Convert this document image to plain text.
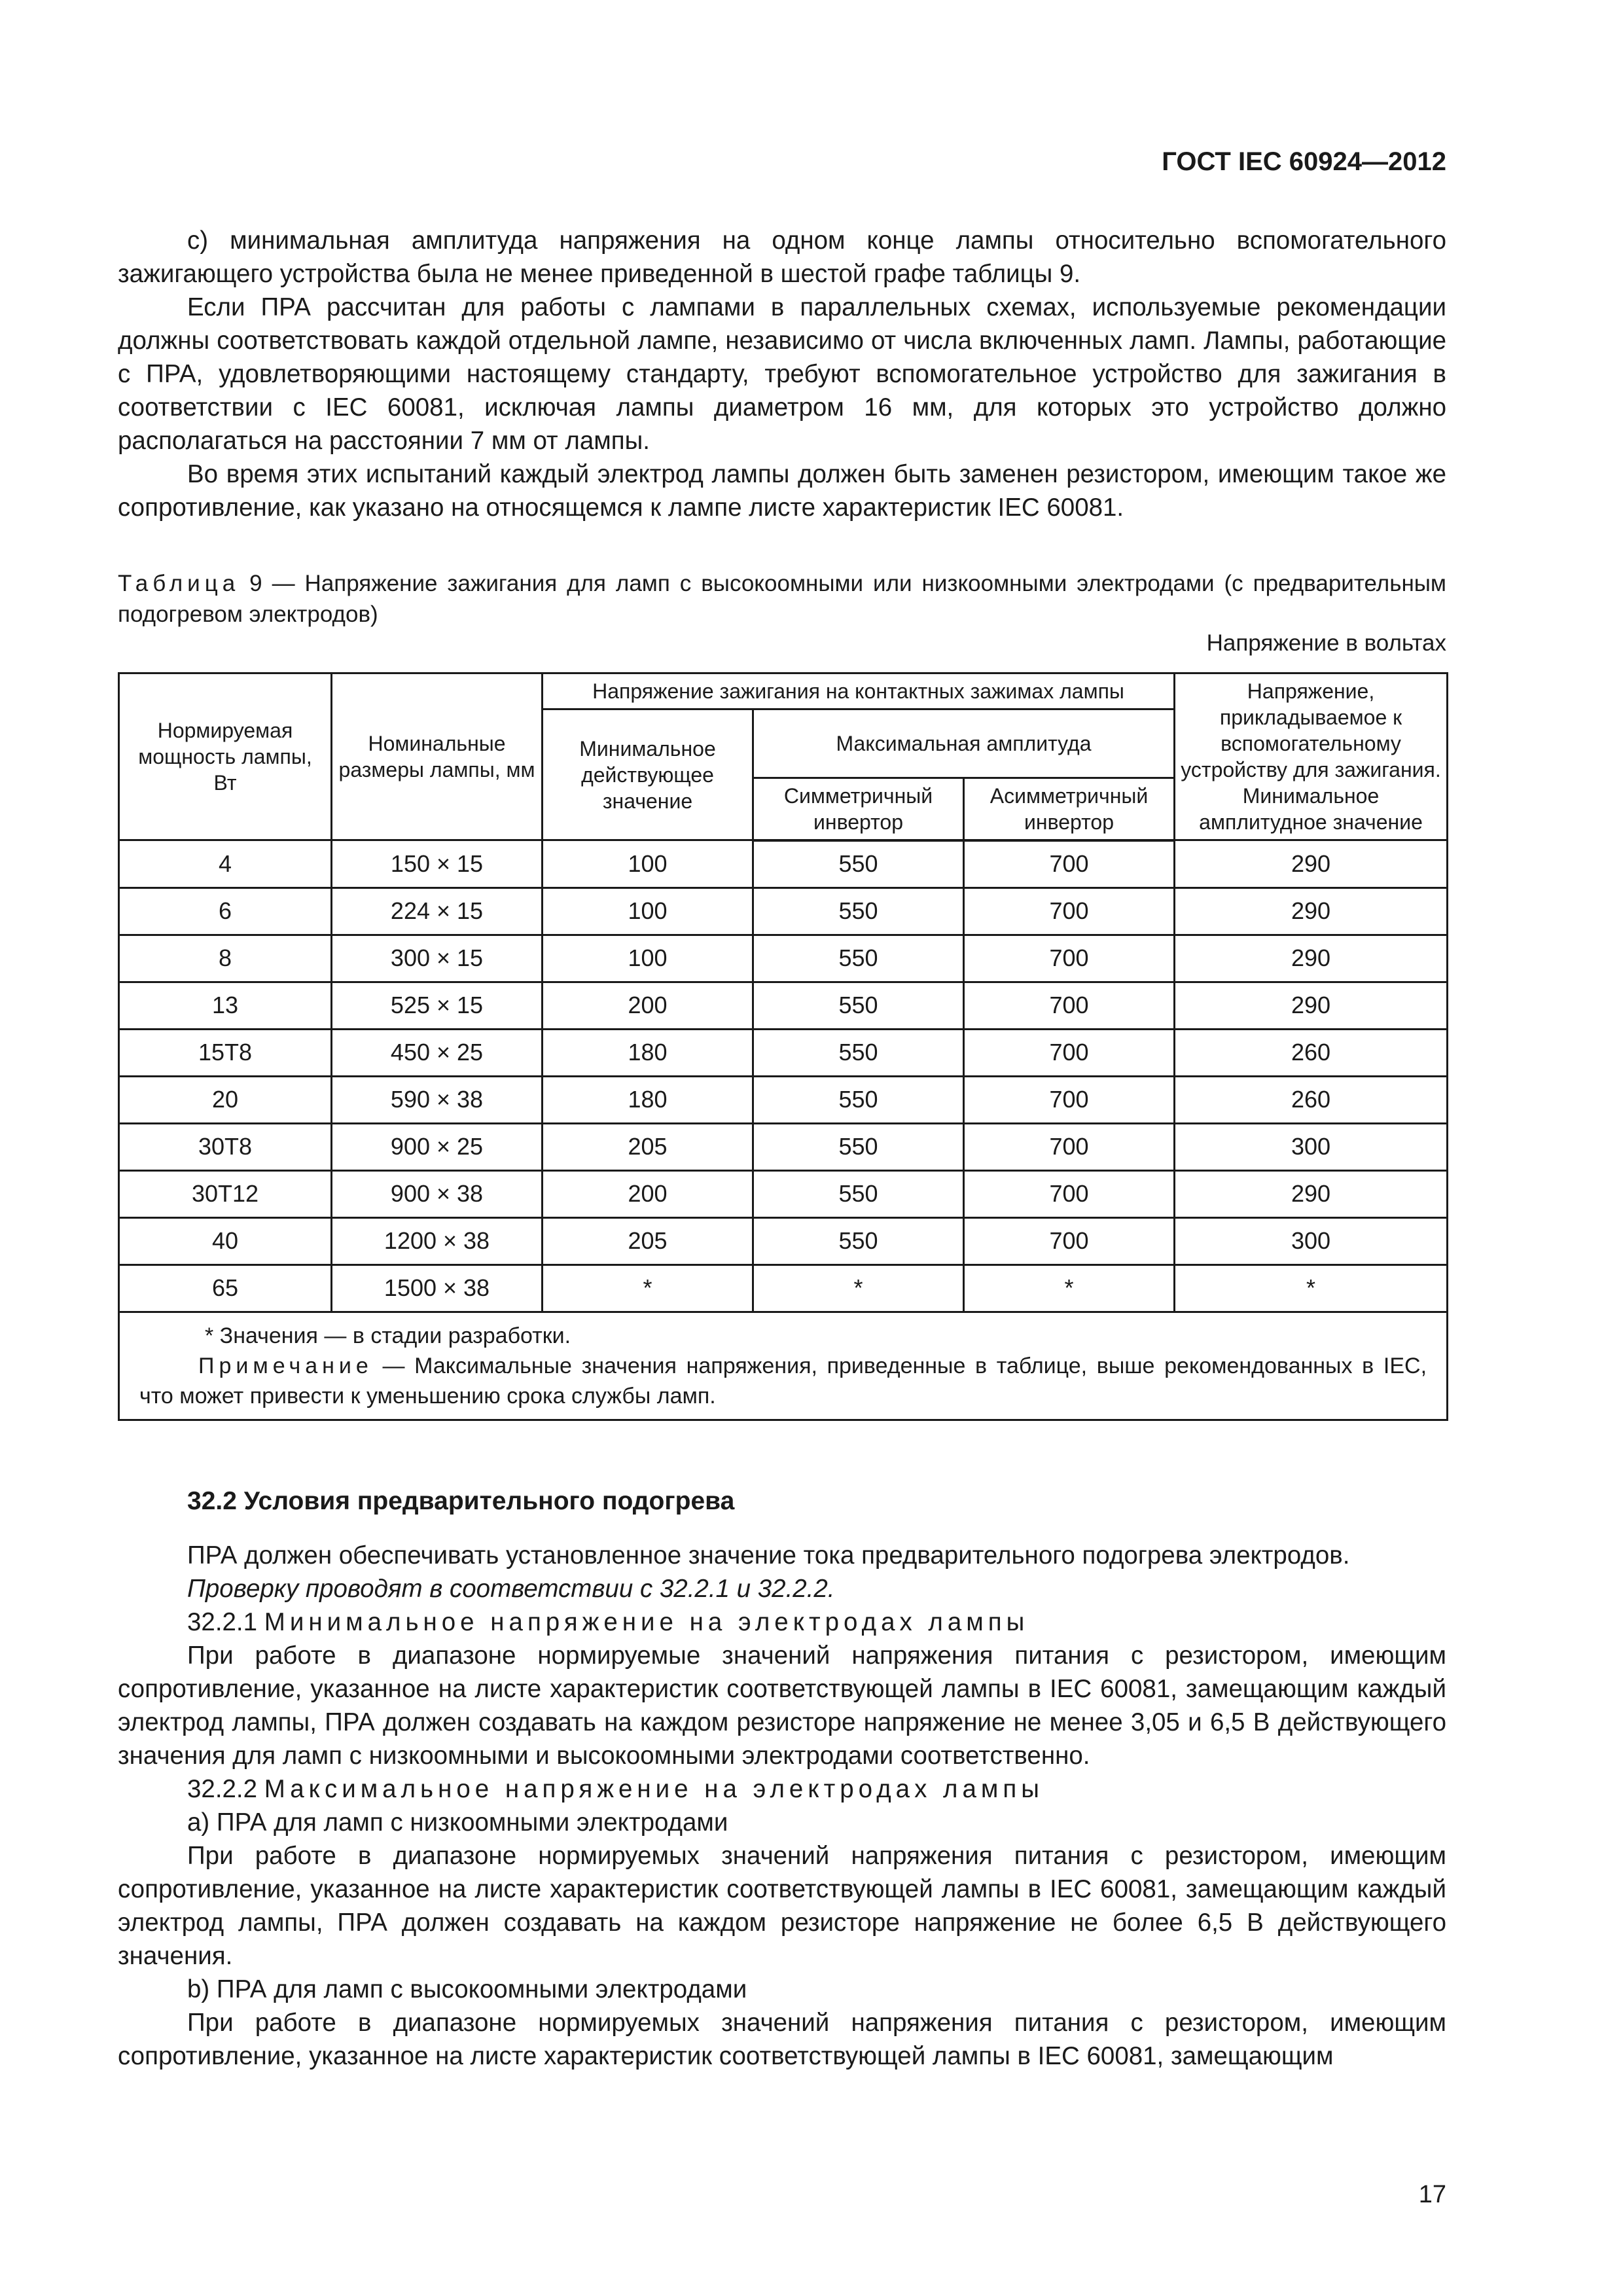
ГОСТ IEC 60924—2012

c) минимальная амплитуда напряжения на одном конце лампы относительно вспомогательного зажигающего устройства была не менее приведенной в шестой графе таблицы 9.

Если ПРА рассчитан для работы с лампами в параллельных схемах, используемые рекомендации должны соответствовать каждой отдельной лампе, независимо от числа включенных ламп. Лампы, работающие с ПРА, удовлетворяющими настоящему стандарту, требуют вспомогательное устройство для зажигания в соответствии с IEC 60081, исключая лампы диаметром 16 мм, для которых это устройство должно располагаться на расстоянии 7 мм от лампы.

Во время этих испытаний каждый электрод лампы должен быть заменен резистором, имеющим такое же сопротивление, как указано на относящемся к лампе листе характеристик IEC 60081.

Таблица 9 — Напряжение зажигания для ламп с высокоомными или низкоомными электродами (с предварительным подогревом электродов)
Напряжение в вольтах
Нормируемая мощность лампы, Вт	Номинальные размеры лампы, мм	Напряжение зажигания на контактных зажимах лампы			Напряжение, прикладываемое к вспомогательному устройству для зажигания. Минимальное амплитудное значение
		Минимальное действующее значение	Максимальная амплитуда		
			Симметричный инвертор	Асимметричный инвертор	
4	150 × 15	100	550	700	290
6	224 × 15	100	550	700	290
8	300 × 15	100	550	700	290
13	525 × 15	200	550	700	290
15T8	450 × 25	180	550	700	260
20	590 × 38	180	550	700	260
30T8	900 × 25	205	550	700	300
30T12	900 × 38	200	550	700	290
40	1200 × 38	205	550	700	300
65	1500 × 38	*	*	*	*

* Значения — в стадии разработки.
Примечание — Максимальные значения напряжения, приведенные в таблице, выше рекомендованных в IEC, что может привести к уменьшению срока службы ламп.					

32.2 Условия предварительного подогрева

ПРА должен обеспечивать установленное значение тока предварительного подогрева электродов.

Проверку проводят в соответствии с 32.2.1 и 32.2.2.

32.2.1 Минимальное напряжение на электродах лампы

При работе в диапазоне нормируемые значений напряжения питания с резистором, имеющим сопротивление, указанное на листе характеристик соответствующей лампы в IEC 60081, замещающим каждый электрод лампы, ПРА должен создавать на каждом резисторе напряжение не менее 3,05 и 6,5 В действующего значения для ламп с низкоомными и высокоомными электродами соответственно.

32.2.2 Максимальное напряжение на электродах лампы

а) ПРА для ламп с низкоомными электродами

При работе в диапазоне нормируемых значений напряжения питания с резистором, имеющим сопротивление, указанное на листе характеристик соответствующей лампы в IEC 60081, замещающим каждый электрод лампы, ПРА должен создавать на каждом резисторе напряжение не более 6,5 В действующего значения.

b) ПРА для ламп с высокоомными электродами

При работе в диапазоне нормируемых значений напряжения питания с резистором, имеющим сопротивление, указанное на листе характеристик соответствующей лампы в IEC 60081, замещающим

17
